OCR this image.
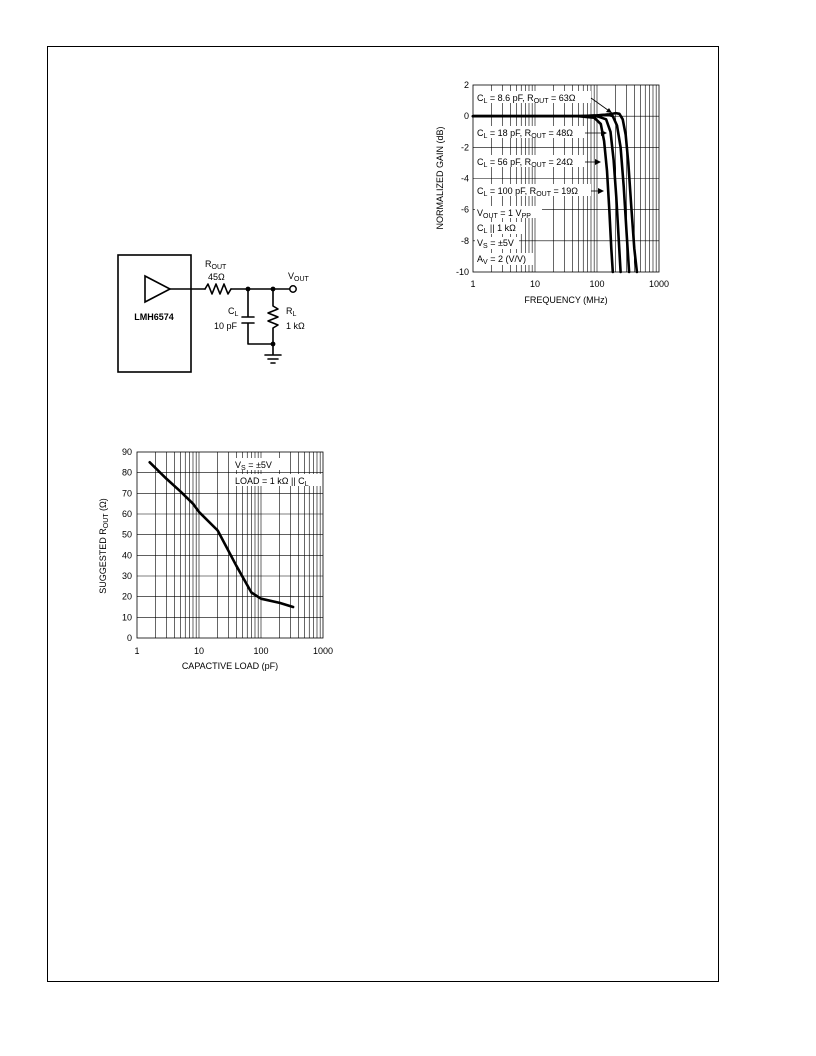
LMH6574
$R_{OUT}$
45Ω	$V_{OUT}$
$C_L$
10 pF
$R_L$
1 kΩ
2
0
-2
-4
-6
-8
-10
1	10	100	1000
FREQUENCY (MHz)
NORMALIZED GAIN (dB)
$C_L = 8.6$ pF, $R_{OUT} = 63\Omega$
$C_L = 18$ pF, $R_{OUT} = 48\Omega$
$C_L = 56$ pF, $R_{OUT} = 24\Omega$
$C_L = 100$ pF, $R_{OUT} = 19\Omega$
$V_{OUT} = 1$ $V_{PP}$
$C_L$ || 1 kΩ
$V_S = \pm 5V$
$A_V = 2$ (V/V)
90
80
70
60
50
40
30
20
10
0
1	10	100	1000
CAPACTIVE LOAD (pF)
SUGGESTED $R_{OUT}$ (Ω)
$V_S = \pm 5V$
LOAD = 1 kΩ || $C_L$
